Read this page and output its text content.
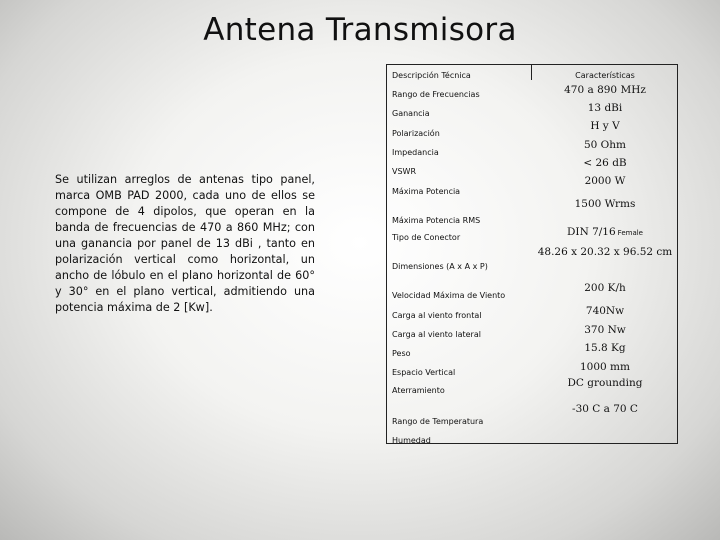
Antena Transmisora
Se utilizan arreglos de antenas tipo panel, marca OMB PAD 2000, cada uno de ellos se compone de 4 dipolos, que operan en la banda de frecuencias de 470 a 860 MHz; con una ganancia por panel de 13 dBi , tanto en polarización vertical como horizontal, un ancho de lóbulo en el plano horizontal de 60° y 30° en el plano vertical, admitiendo una potencia máxima de 2 [Kw].
Descripción Técnica	Características
Rango de Frecuencias
Ganancia
Polarización
Impedancia
VSWR
Máxima Potencia
Máxima Potencia RMS
Tipo de Conector
Dimensiones (A x A x P)
Velocidad Máxima de Viento
Carga al viento frontal
Carga al viento lateral
Peso
Espacio Vertical
Aterramiento
Rango de Temperatura
Humedad
470 a 890 MHz
13 dBi
H y V
50 Ohm
< 26 dB
2000 W
1500 Wrms
DIN 7/16 Female
48.26 x 20.32 x 96.52 cm
200 K/h
740Nw
370 Nw
15.8 Kg
1000 mm
DC grounding
-30 C a 70 C
